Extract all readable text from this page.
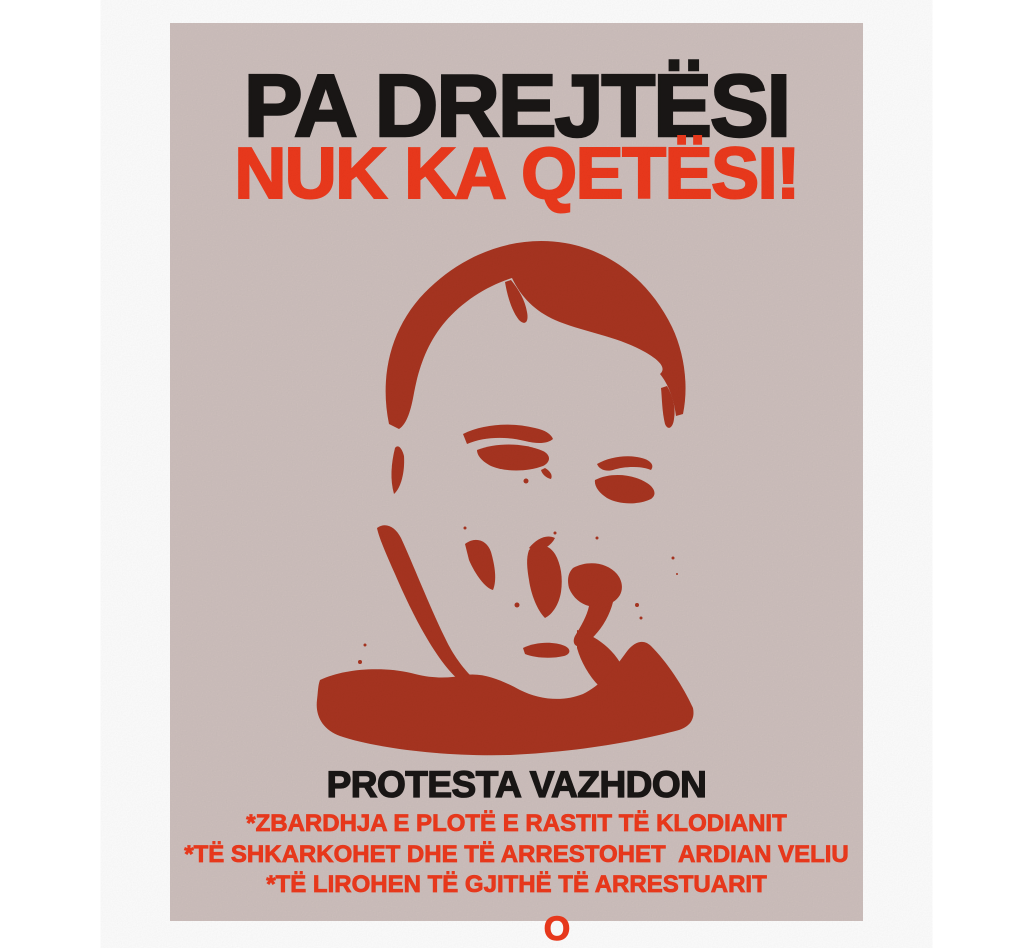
PA DREJTËSI
NUK KA QETËSI!
PROTESTA VAZHDON
*ZBARDHJA E PLOTË E RASTIT TË KLODIANIT
*TË SHKARKOHET DHE TË ARRESTOHET  ARDIAN VELIU
*TË LIROHEN TË GJITHË TË ARRESTUARIT
O
